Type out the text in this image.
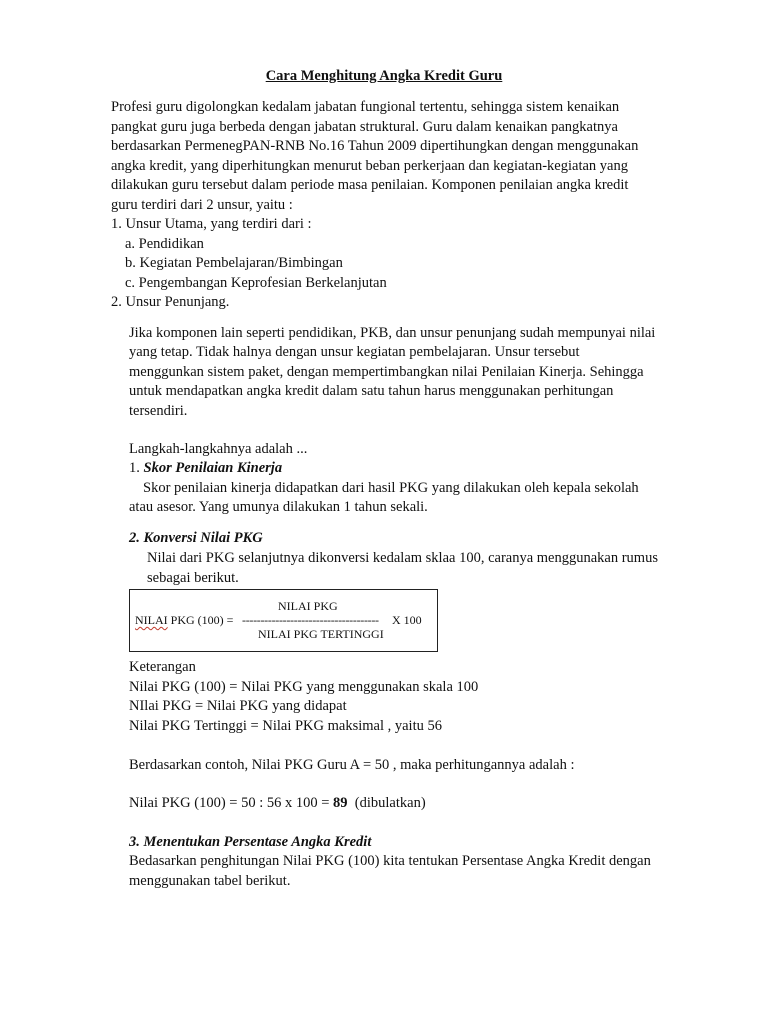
Cara Menghitung Angka Kredit Guru

Profesi guru digolongkan kedalam jabatan fungional tertentu, sehingga sistem kenaikan

pangkat guru juga berbeda dengan jabatan struktural. Guru dalam kenaikan pangkatnya

berdasarkan PermenegPAN-RNB No.16 Tahun 2009 dipertihungkan dengan menggunakan

angka kredit, yang diperhitungkan menurut beban perkerjaan dan kegiatan-kegiatan yang

dilakukan guru tersebut dalam periode masa penilaian. Komponen penilaian angka kredit

guru terdiri dari 2 unsur, yaitu :

1. Unsur Utama, yang terdiri dari :

a. Pendidikan

b. Kegiatan Pembelajaran/Bimbingan

c. Pengembangan Keprofesian Berkelanjutan

2. Unsur Penunjang.

Jika komponen lain seperti pendidikan, PKB, dan unsur penunjang sudah mempunyai nilai

yang tetap. Tidak halnya dengan unsur kegiatan pembelajaran. Unsur tersebut

menggunkan sistem paket, dengan mempertimbangkan nilai Penilaian Kinerja. Sehingga

untuk mendapatkan angka kredit dalam satu tahun harus menggunakan perhitungan

tersendiri.

Langkah-langkahnya adalah ...

1. Skor Penilaian Kinerja

Skor penilaian kinerja didapatkan dari hasil PKG yang dilakukan oleh kepala sekolah

atau asesor. Yang umunya dilakukan 1 tahun sekali.

2. Konversi Nilai PKG

Nilai dari PKG selanjutnya dikonversi kedalam sklaa 100, caranya menggunakan rumus

sebagai berikut.

NILAI PKG
NILAI PKG (100) = ------------------------------------- X 100
NILAI PKG TERTINGGI

Keterangan

Nilai PKG (100) = Nilai PKG yang menggunakan skala 100

NIlai PKG = Nilai PKG yang didapat

Nilai PKG Tertinggi = Nilai PKG maksimal , yaitu 56

Berdasarkan contoh, Nilai PKG Guru A = 50 , maka perhitungannya adalah :

Nilai PKG (100) = 50 : 56 x 100 = 89  (dibulatkan)

3. Menentukan Persentase Angka Kredit

Bedasarkan penghitungan Nilai PKG (100) kita tentukan Persentase Angka Kredit dengan

menggunakan tabel berikut.
